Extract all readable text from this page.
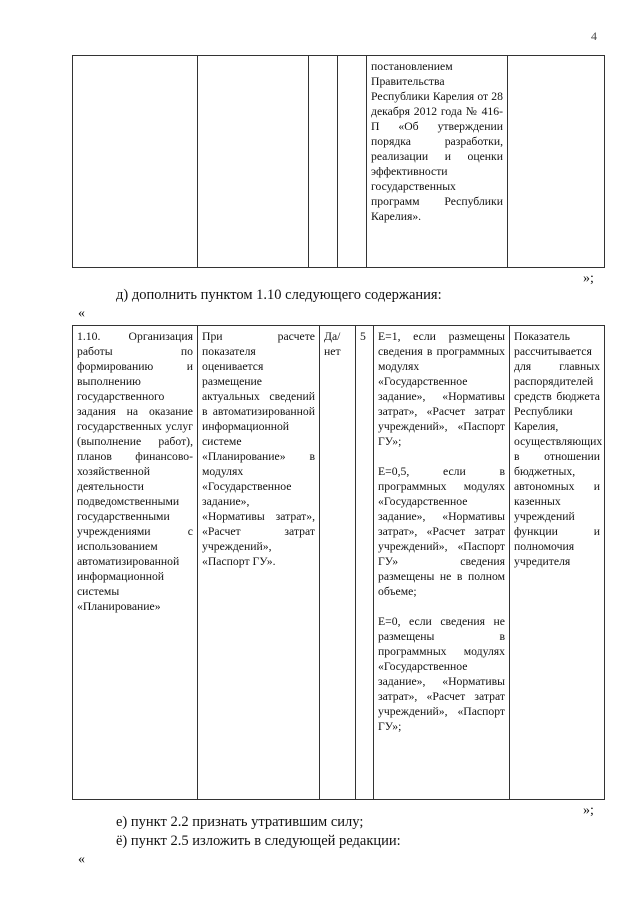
4
				постановлением Правительства Республики Карелия от 28 декабря 2012 года № 416-П «Об утверждении порядка разработки, реализации и оценки эффективности государственных программ Республики Карелия».	
»;
д) дополнить пунктом 1.10 следующего содержания:
«
1.10. Организация работы по формированию и выполнению государственного задания на оказание государственных услуг (выполнение работ), планов финансово-хозяйственной деятельности подведомственными государственными учреждениями с использованием автоматизированной информационной системы «Планирование»	При расчете показателя оценивается размещение актуальных сведений в автоматизированной информационной системе «Планирование» в модулях «Государственное задание», «Нормативы затрат», «Расчет затрат учреждений», «Паспорт ГУ».	Да/ нет	5	E=1, если размещены сведения в программных модулях «Государственное задание», «Нормативы затрат», «Расчет затрат учреждений», «Паспорт ГУ»;

E=0,5, если в программных модулях «Государственное задание», «Нормативы затрат», «Расчет затрат учреждений», «Паспорт ГУ» сведения размещены не в полном объеме;

E=0, если сведения не размещены в программных модулях «Государственное задание», «Нормативы затрат», «Расчет затрат учреждений», «Паспорт ГУ»;

	Показатель рассчитывается для главных распорядителей средств бюджета Республики Карелия, осуществляющих в отношении бюджетных, автономных и казенных учреждений функции и полномочия учредителя
»;
е) пункт 2.2 признать утратившим силу;
ё) пункт 2.5 изложить в следующей редакции:
«
